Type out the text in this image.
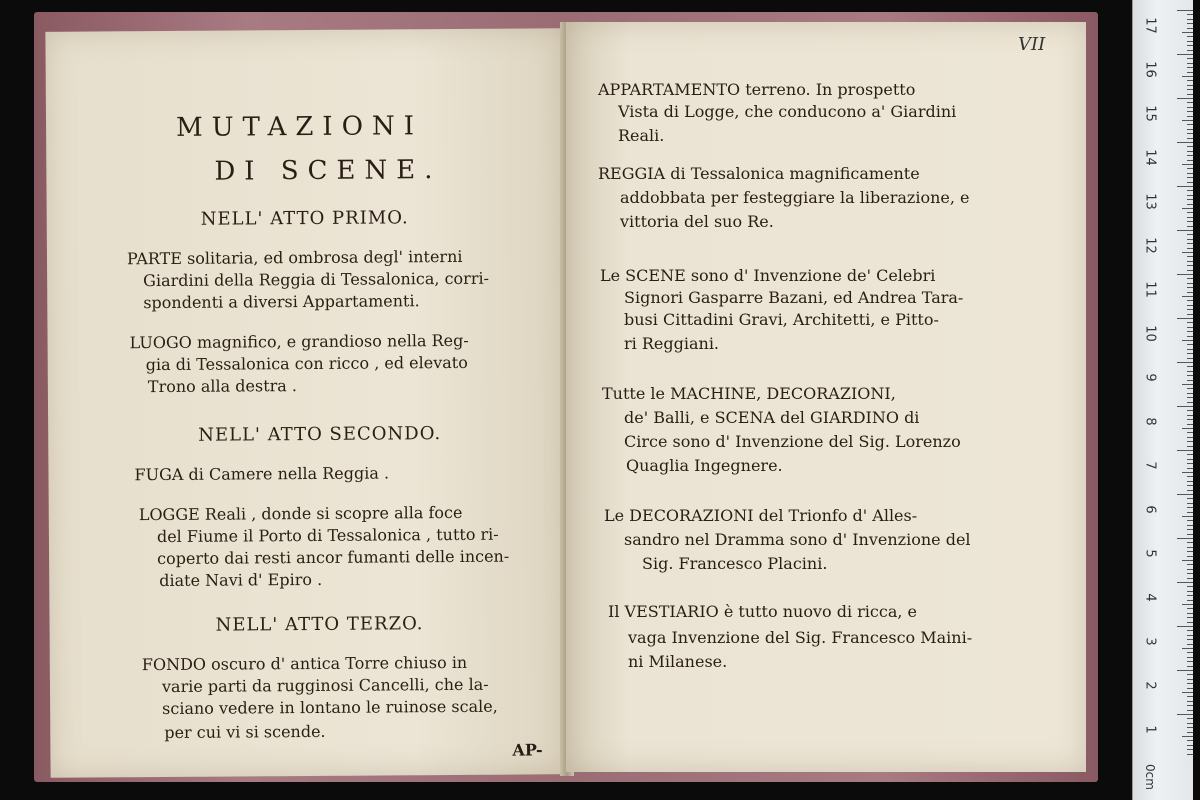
MUTAZIONI
DI SCENE.
NELL' ATTO PRIMO.
PARTE solitaria, ed ombrosa degl' interni
Giardini della Reggia di Tessalonica, corri-
spondenti a diversi Appartamenti.
LUOGO magnifico, e grandioso nella Reg-
gia di Tessalonica con ricco , ed elevato
Trono alla destra .
NELL' ATTO SECONDO.
FUGA di Camere nella Reggia .
LOGGE Reali , donde si scopre alla foce
del Fiume il Porto di Tessalonica , tutto ri-
coperto dai resti ancor fumanti delle incen-
diate Navi d' Epiro .
NELL' ATTO TERZO.
FONDO oscuro d' antica Torre chiuso in
varie parti da rugginosi Cancelli, che la-
sciano vedere in lontano le ruinose scale,
per cui vi si scende.
AP-
VII
APPARTAMENTO terreno. In prospetto
Vista di Logge, che conducono a' Giardini
Reali.
REGGIA di Tessalonica magnificamente
addobbata per festeggiare la liberazione, e
vittoria del suo Re.
Le SCENE sono d' Invenzione de' Celebri
Signori Gasparre Bazani, ed Andrea Tara-
busi Cittadini Gravi, Architetti, e Pitto-
ri Reggiani.
Tutte le MACHINE, DECORAZIONI,
de' Balli, e SCENA del GIARDINO di
Circe sono d' Invenzione del Sig. Lorenzo
Quaglia Ingegnere.
Le DECORAZIONI del Trionfo d' Alles-
sandro nel Dramma sono d' Invenzione del
Sig. Francesco Placini.
Il VESTIARIO è tutto nuovo di ricca, e
vaga Invenzione del Sig. Francesco Maini-
ni Milanese.
17
16
15
14
13
12
11
10
9
8
7
6
5
4
3
2
1
0cm
